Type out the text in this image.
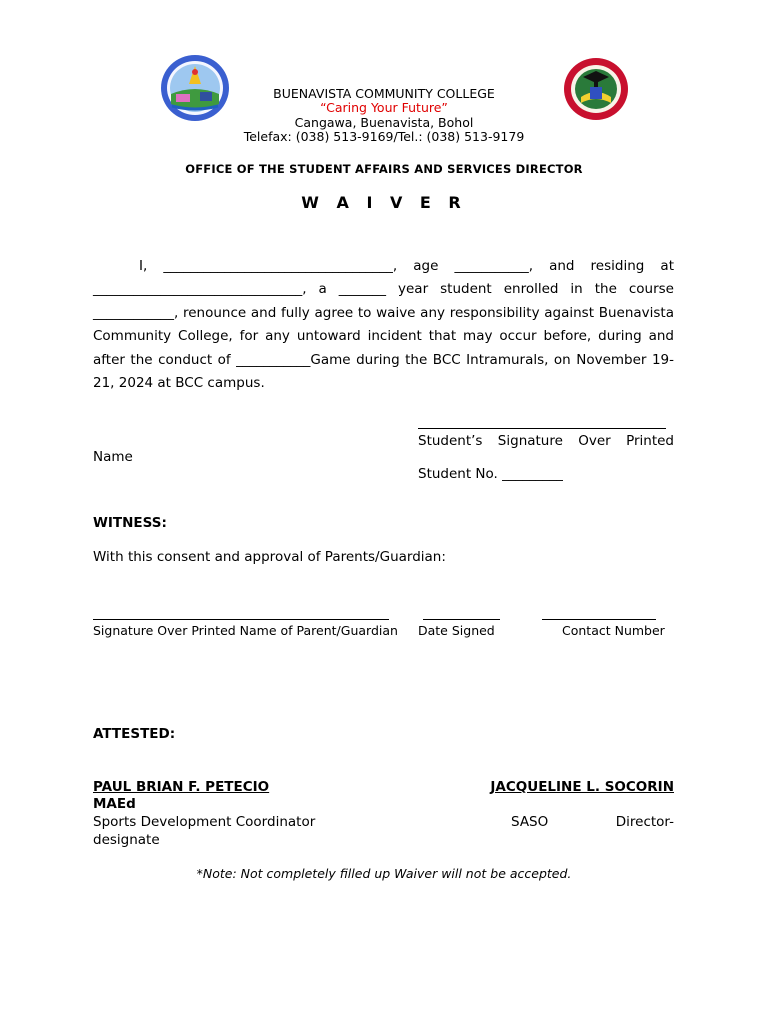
BUENAVISTA COMMUNITY COLLEGE
“Caring Your Future”
Cangawa, Buenavista, Bohol
Telefax: (038) 513-9169/Tel.: (038) 513-9179
OFFICE OF THE STUDENT AFFAIRS AND SERVICES DIRECTOR
W A I V E R
I, __________________________________, age ___________, and residing at _______________________________, a _______ year student enrolled in the course ____________, renounce and fully agree to waive any responsibility against Buenavista Community College, for any untoward incident that may occur before, during and after the conduct of ___________Game during the BCC Intramurals, on November 19-21, 2024 at BCC campus.
Student’s Signature Over Printed
Name
Student No. _________
WITNESS:
With this consent and approval of Parents/Guardian:
Signature Over Printed Name of Parent/Guardian Date Signed	Contact Number
ATTESTED:
PAUL BRIAN F. PETECIO
MAEd
Sports Development Coordinator
JACQUELINE L. SOCORIN
SASO	Director-
designate
*Note: Not completely filled up Waiver will not be accepted.
